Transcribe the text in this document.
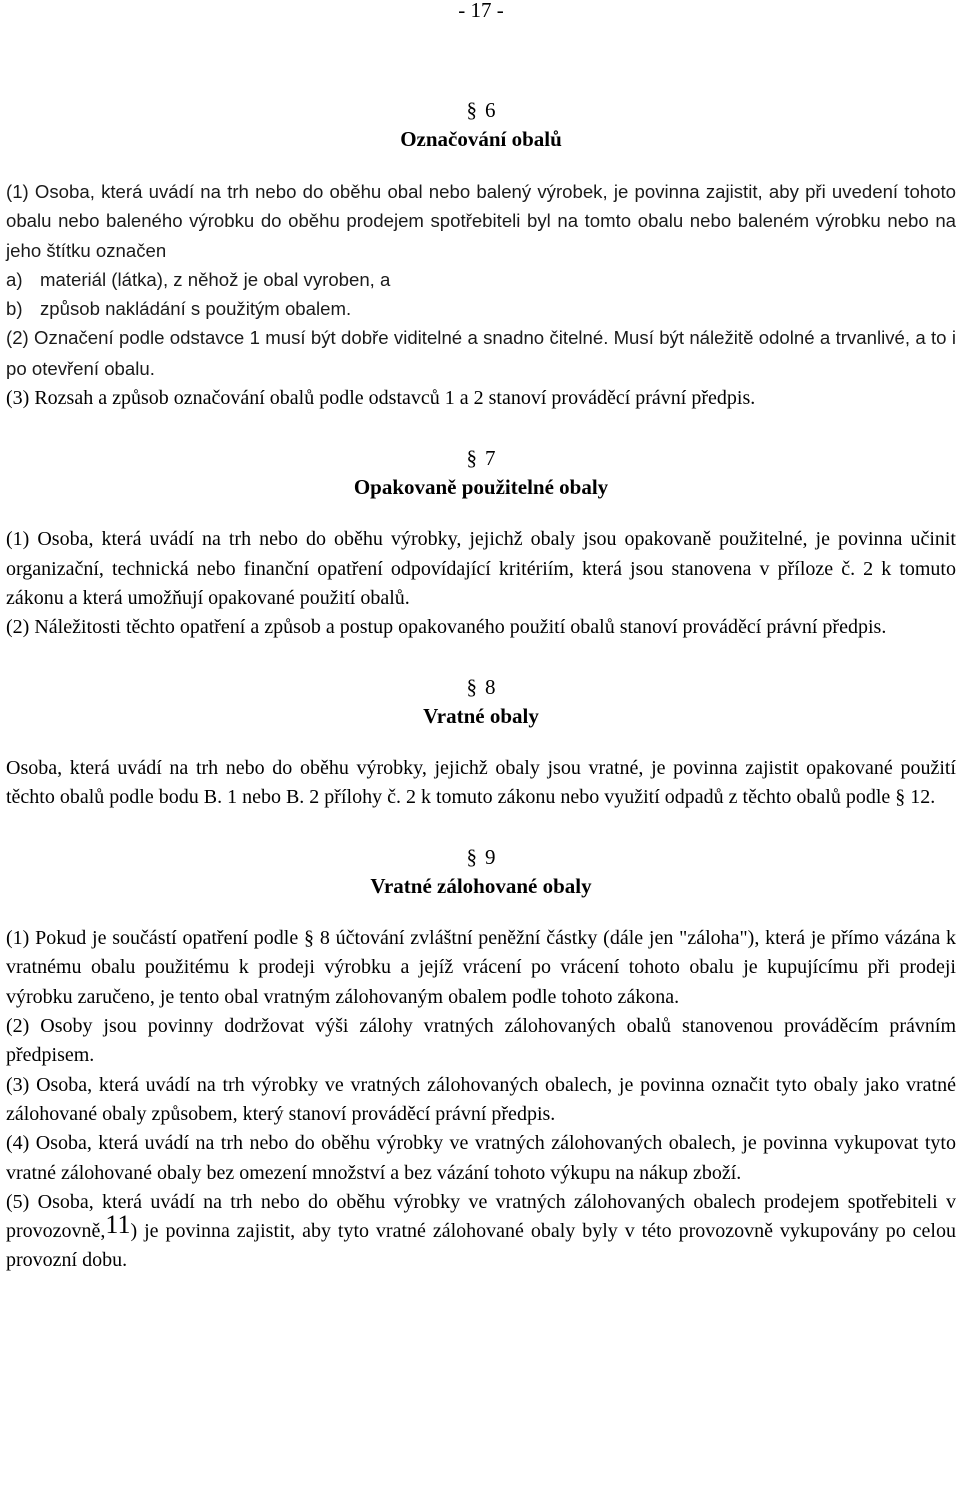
- 17 -
§ 6
Označování obalů

(1) Osoba, která uvádí na trh nebo do oběhu obal nebo balený výrobek, je povinna zajistit, aby při uvedení tohoto obalu nebo baleného výrobku do oběhu prodejem spotřebiteli byl na tomto obalu nebo baleném výrobku nebo na jeho štítku označen

a) materiál (látka), z něhož je obal vyroben, a
b) způsob nakládání s použitým obalem.

(2) Označení podle odstavce 1 musí být dobře viditelné a snadno čitelné. Musí být náležitě odolné a trvanlivé, a to i po otevření obalu.

(3) Rozsah a způsob označování obalů podle odstavců 1 a 2 stanoví prováděcí právní předpis.

§ 7
Opakovaně použitelné obaly

(1) Osoba, která uvádí na trh nebo do oběhu výrobky, jejichž obaly jsou opakovaně použitelné, je povinna učinit organizační, technická nebo finanční opatření odpovídající kritériím, která jsou stanovena v příloze č. 2 k tomuto zákonu a která umožňují opakované použití obalů.

(2) Náležitosti těchto opatření a způsob a postup opakovaného použití obalů stanoví prováděcí právní předpis.

§ 8
Vratné obaly

Osoba, která uvádí na trh nebo do oběhu výrobky, jejichž obaly jsou vratné, je povinna zajistit opakované použití těchto obalů podle bodu B. 1 nebo B. 2 přílohy č. 2 k tomuto zákonu nebo využití odpadů z těchto obalů podle § 12.

§ 9
Vratné zálohované obaly

(1) Pokud je součástí opatření podle § 8 účtování zvláštní peněžní částky (dále jen "záloha"), která je přímo vázána k vratnému obalu použitému k prodeji výrobku a jejíž vrácení po vrácení tohoto obalu je kupujícímu při prodeji výrobku zaručeno, je tento obal vratným zálohovaným obalem podle tohoto zákona.

(2) Osoby jsou povinny dodržovat výši zálohy vratných zálohovaných obalů stanovenou prováděcím právním předpisem.

(3) Osoba, která uvádí na trh výrobky ve vratných zálohovaných obalech, je povinna označit tyto obaly jako vratné zálohované obaly způsobem, který stanoví prováděcí právní předpis.

(4) Osoba, která uvádí na trh nebo do oběhu výrobky ve vratných zálohovaných obalech, je povinna vykupovat tyto vratné zálohované obaly bez omezení množství a bez vázání tohoto výkupu na nákup zboží.

(5) Osoba, která uvádí na trh nebo do oběhu výrobky ve vratných zálohovaných obalech prodejem spotřebiteli v provozovně,$^{11}$) je povinna zajistit, aby tyto vratné zálohované obaly byly v této provozovně vykupovány po celou provozní dobu.
